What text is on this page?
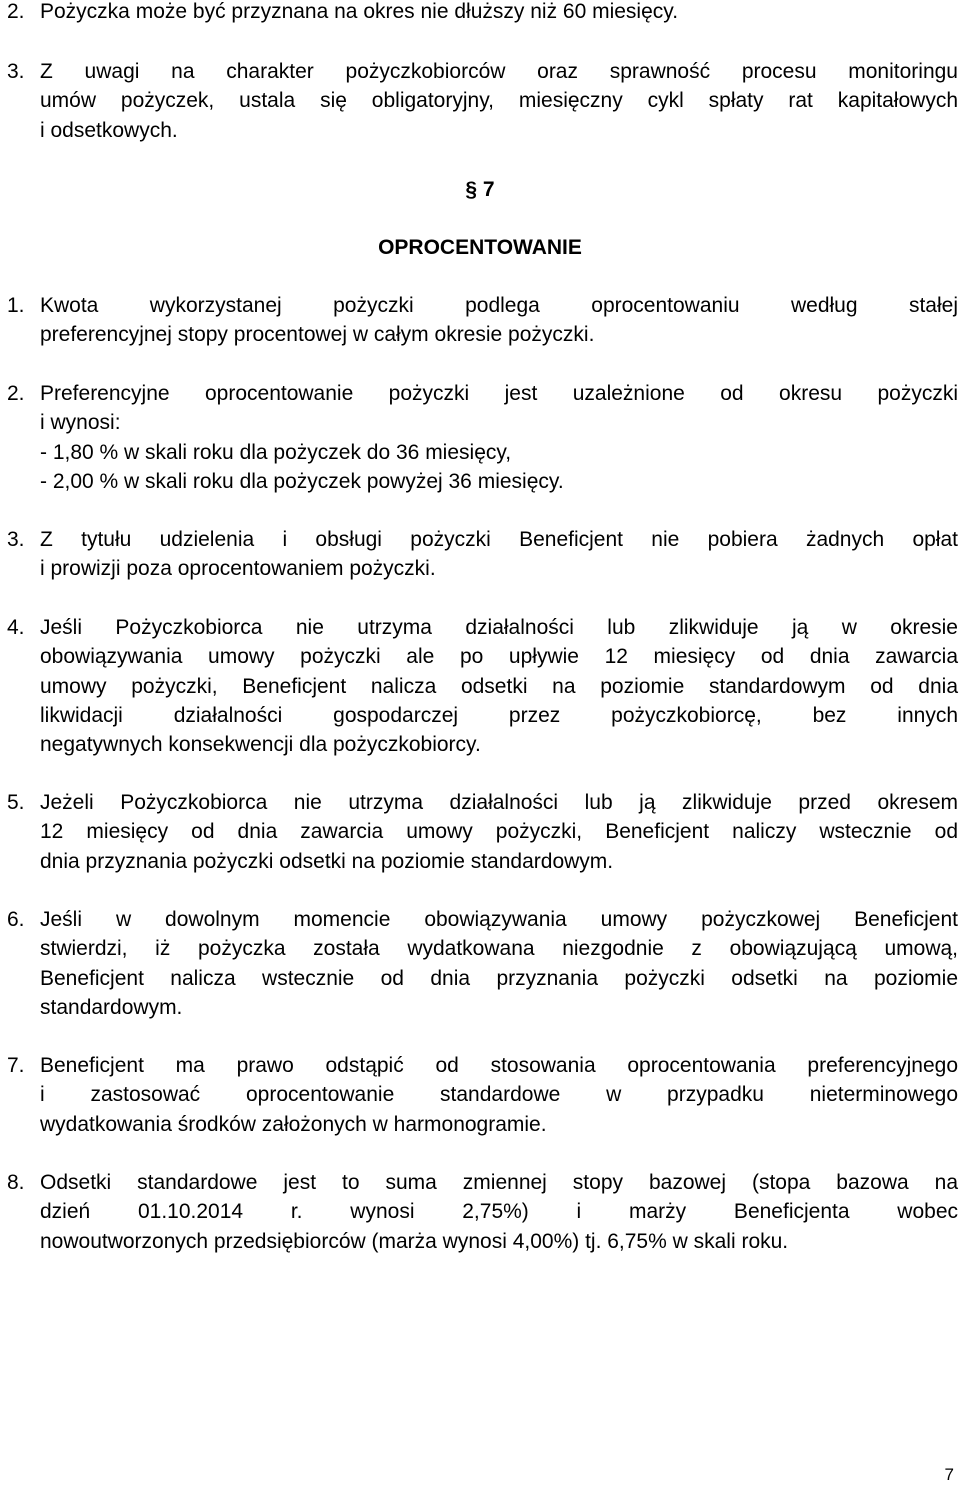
2. Pożyczka może być przyznana na okres nie dłuższy niż 60 miesięcy.
3. Z uwagi na charakter pożyczkobiorców oraz sprawność procesu monitoringu
umów pożyczek, ustala się obligatoryjny, miesięczny cykl spłaty rat kapitałowych
i odsetkowych.
§ 7
OPROCENTOWANIE
1. Kwota wykorzystanej pożyczki podlega oprocentowaniu według stałej
preferencyjnej stopy procentowej w całym okresie pożyczki.
2. Preferencyjne oprocentowanie pożyczki jest uzależnione od okresu pożyczki
i wynosi:
- 1,80 % w skali roku dla pożyczek do 36 miesięcy,
- 2,00 % w skali roku dla pożyczek powyżej 36 miesięcy.
3. Z tytułu udzielenia i obsługi pożyczki Beneficjent nie pobiera żadnych opłat
i prowizji poza oprocentowaniem pożyczki.
4. Jeśli Pożyczkobiorca nie utrzyma działalności lub zlikwiduje ją w okresie
obowiązywania umowy pożyczki ale po upływie 12 miesięcy od dnia zawarcia
umowy pożyczki, Beneficjent nalicza odsetki na poziomie standardowym od dnia
likwidacji działalności gospodarczej przez pożyczkobiorcę, bez innych
negatywnych konsekwencji dla pożyczkobiorcy.
5. Jeżeli Pożyczkobiorca nie utrzyma działalności lub ją zlikwiduje przed okresem
12 miesięcy od dnia zawarcia umowy pożyczki, Beneficjent naliczy wstecznie od
dnia przyznania pożyczki odsetki na poziomie standardowym.
6. Jeśli w dowolnym momencie obowiązywania umowy pożyczkowej Beneficjent
stwierdzi, iż pożyczka została wydatkowana niezgodnie z obowiązującą umową,
Beneficjent nalicza wstecznie od dnia przyznania pożyczki odsetki na poziomie
standardowym.
7. Beneficjent ma prawo odstąpić od stosowania oprocentowania preferencyjnego
i zastosować oprocentowanie standardowe w przypadku nieterminowego
wydatkowania środków założonych w harmonogramie.
8. Odsetki standardowe jest to suma zmiennej stopy bazowej (stopa bazowa na
dzień 01.10.2014 r. wynosi 2,75%) i marży Beneficjenta wobec
nowoutworzonych przedsiębiorców (marża wynosi 4,00%) tj. 6,75% w skali roku.
7
